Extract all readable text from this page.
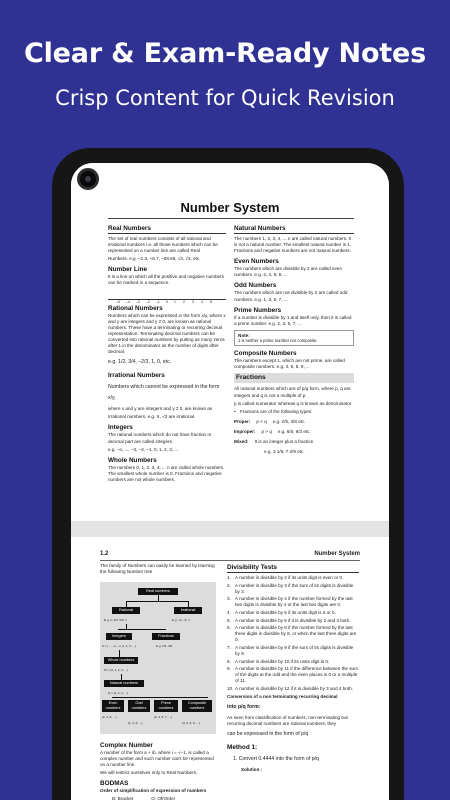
Clear & Exam-Ready Notes
Crisp Content for Quick Revision
Number System
Real Numbers

The set of real numbers consists of all rational and irrational numbers i.e. all those numbers which can be represented on a number line are called Real

Numbers. e.g. –1.3, +6.7, –58.69, √2, √3, etc.

Number Line

It is a line on which all the positive and negative numbers can be marked in a sequence.

–5 –4 –3 –2 –1 0 1 2 3 4 5
Rational Numbers

Numbers which can be expressed in the form x/y, where x and y are integers and y ≠ 0, are known as rational numbers. These have a terminating or recurring decimal representation. Terminating decimal numbers can be converted into rational numbers by putting as many zeros after 1 in the denominator as the number of digits after decimal.

e.g. 1/2, 3/4, –2/3, 1, 0, etc.

Irrational Numbers

Numbers which cannot be expressed in the form x/y,

where x and y are integers and y ≠ 0, are known as

Irrational numbers. e.g. π, √3 are irrational.

Integers

The rational numbers which do not have fraction or decimal part are called integers.

e.g. –n, ..., –3, –2, –1, 0, 1, 2, 3, ...

Whole Numbers

The numbers 0, 1, 2, 3, 4, ... n are called whole numbers. The smallest whole number is 0. Fractions and negative numbers are not whole numbers.

Natural Numbers

The numbers 1, 2, 3, 4, ... n are called natural numbers. 0 is not a natural number. The smallest natural number is 1. Fractions and negative numbers are not natural numbers.

Even Numbers

The numbers which are divisible by 2 are called even numbers. e.g. 2, 4, 6, 8, ...

Odd Numbers

The numbers which are not divisible by 2 are called odd numbers. e.g. 1, 3, 5, 7, ...

Prime Numbers

If a number is divisible by 1 and itself only, then it is called a prime number. e.g. 2, 3, 5, 7, ...

Note:
1 is neither a prime number nor composite.
Composite Numbers

The numbers except 1, which are not prime, are called composite numbers. e.g. 4, 6, 8, 9, ...

Fractions

All rational numbers which are of p/q form, where p, q are integers and q is not a multiple of p.

p is called numerator whereas q is known as denominator.

• Fractions are of the following types:

Proper: p < q e.g. 2/5, 3/8 etc.
Improper: p > q e.g. 6/5, 8/3 etc.
Mixed: It is an integer plus a fraction
e.g. 3 1/5, 7 2/9 etc.
1.2	Number System
The family of Numbers can easily be learned by learning the following Number tree
Real numbers
Rational	Irrational
E.g. 1, 2/3, 5/3, 7	E.g. √2, √3, π
Integers	Fractions
Z = {..., –2, –1, 0, 1, 2, ...}	E.g. 2/3, 4/5
Whole numbers
W = {0, 1, 2, 3, ...}
Natural numbers
N = {1, 2, 3, ...}
Even numbers
Odd numbers
Prime numbers
Composite numbers
{2, 4, 6, ...}
{1, 3, 5, ...}
{2, 3, 5, 7, ...}
{4, 6, 8, 9, ...}
Complex Number

A number of the form a + ib, where i = √–1, is called a complex number and such number can't be represented on a number line.

We will restrict ourselves only to Real Numbers.

BODMAS

Order of simplification of expression of numbers

B: Bracket	O: Of/Order
Divisibility Tests
A number is divisible by 2 if its units digit is even or 0.
A number is divisible by 3 if the sum of its digits is divisible by 3.
A number is divisible by 4 if the number formed by the last two digits is divisible by 4 or the last two digits are 0.
A number is divisible by 5 if its units digit is 5 or 0.
A number is divisible by 6 if it is divisible by 2 and 3 both.
A number is divisible by 8 if the number formed by the last three digits is divisible by 8, or when the last three digits are 0.
A number is divisible by 9 if the sum of its digits is divisible by 9.
A number is divisible by 10 if its units digit is 0.
A number is divisible by 11 if the difference between the sum of the digits at the odd and the even places is 0 or a multiple of 11.
A number is divisible by 12 if it is divisible by 3 and 4 both.

Conversion of a non terminating recurring decimal

into p/q form:

As seen from classification of numbers, non-terminating but recurring decimal numbers are rational numbers, they

can be expressed in the form of p/q

Method 1:

1. Convert 0.4444 into the form of p/q

Solution :
